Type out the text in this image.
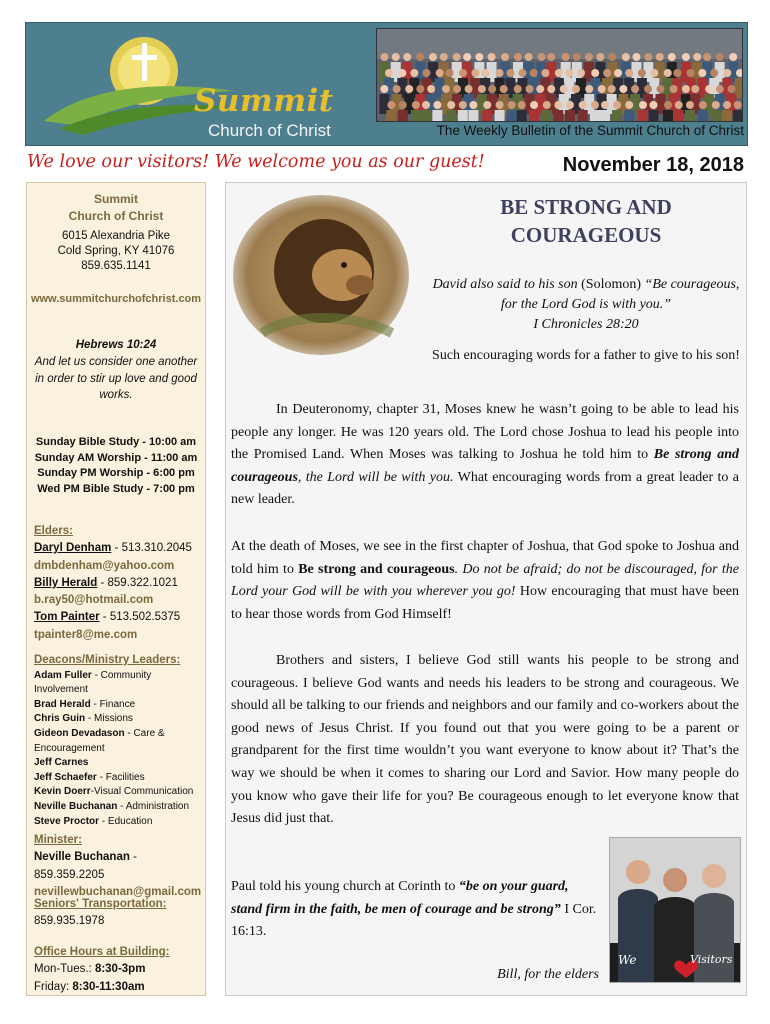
Summit
Church of Christ	The Weekly Bulletin of the Summit Church of Christ
We love our visitors! We welcome you as our guest!	November 18, 2018
Summit
Church of Christ
6015 Alexandria Pike
Cold Spring, KY 41076
859.635.1141
www.summitchurchofchrist.com
Hebrews 10:24
And let us consider one another in order to stir up love and good works.
Sunday Bible Study - 10:00 am
Sunday AM Worship - 11:00 am
Sunday PM Worship - 6:00 pm
Wed PM Bible Study - 7:00 pm
Elders:
Daryl Denham - 513.310.2045
dmbdenham@yahoo.com
Billy Herald - 859.322.1021
b.ray50@hotmail.com
Tom Painter - 513.502.5375
tpainter8@me.com
Deacons/Ministry Leaders:
Adam Fuller - Community Involvement
Brad Herald - Finance
Chris Guin - Missions
Gideon Devadason - Care & Encouragement
Jeff Carnes
Jeff Schaefer - Facilities
Kevin Doerr-Visual Communication
Neville Buchanan - Administration
Steve Proctor - Education
Minister:
Neville Buchanan - 859.359.2205
nevillewbuchanan@gmail.com
Seniors' Transportation:
859.935.1978
Office Hours at Building:
Mon-Tues.: 8:30-3pm
Friday: 8:30-11:30am
BE STRONG AND COURAGEOUS
David also said to his son (Solomon) “Be courageous, for the Lord God is with you.”
I Chronicles 28:20
Such encouraging words for a father to give to his son!
In Deuteronomy, chapter 31, Moses knew he wasn’t going to be able to lead his people any longer. He was 120 years old. The Lord chose Joshua to lead his people into the Promised Land. When Moses was talking to Joshua he told him to Be strong and courageous, the Lord will be with you. What encouraging words from a great leader to a new leader.
At the death of Moses, we see in the first chapter of Joshua, that God spoke to Joshua and told him to Be strong and courageous. Do not be afraid; do not be discouraged, for the Lord your God will be with you wherever you go! How encouraging that must have been to hear those words from God Himself!
Brothers and sisters, I believe God still wants his people to be strong and courageous. I believe God wants and needs his leaders to be strong and courageous. We should all be talking to our friends and neighbors and our family and co-workers about the good news of Jesus Christ. If you found out that you were going to be a parent or grandparent for the first time wouldn’t you want everyone to know about it? That’s the way we should be when it comes to sharing our Lord and Savior. How many people do you know who gave their life for you? Be courageous enough to let everyone know that Jesus did just that.
We	Visitors
Paul told his young church at Corinth to “be on your guard, stand firm in the faith, be men of courage and be strong” I Cor. 16:13.
Bill, for the elders
